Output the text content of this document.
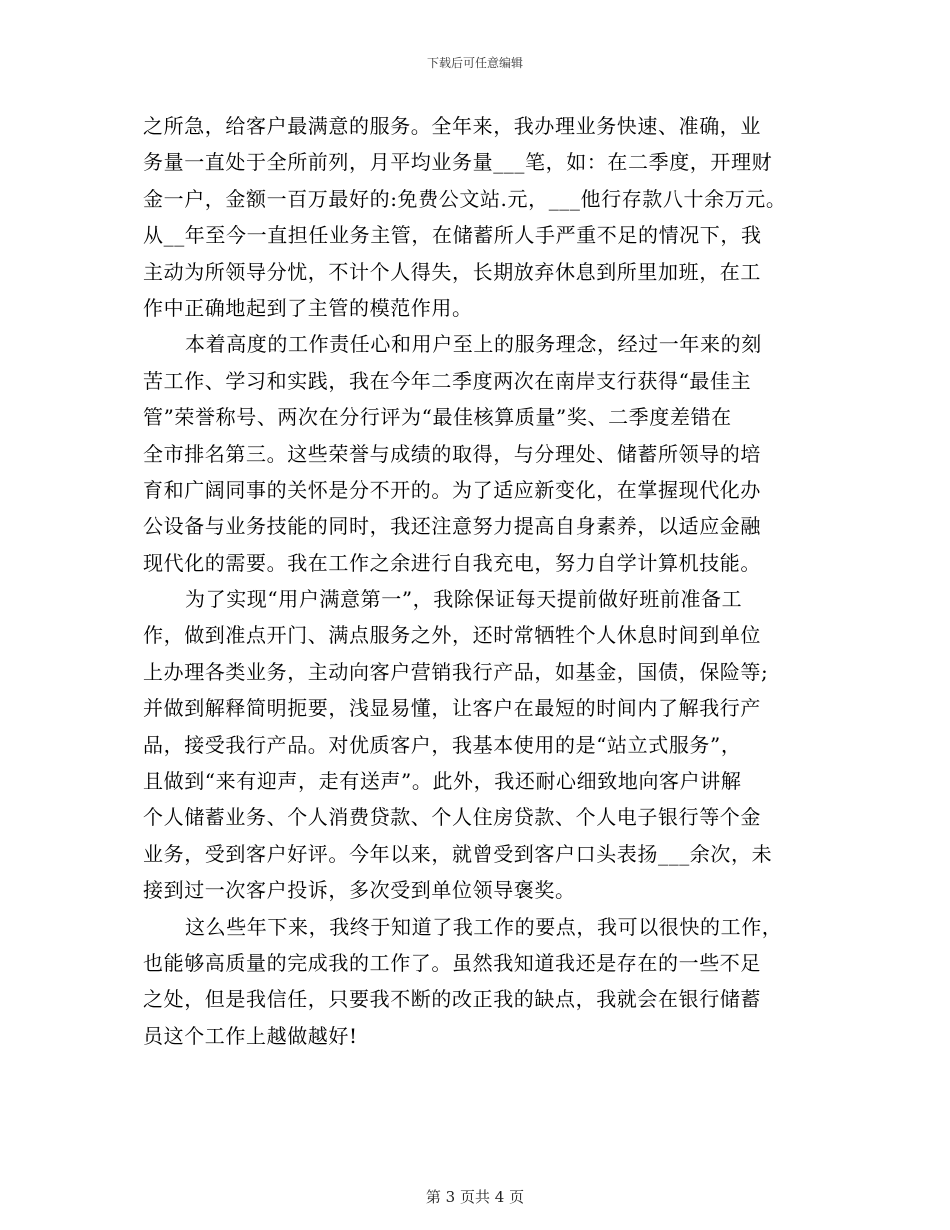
下载后可任意编辑
之所急，给客户最满意的服务。全年来，我办理业务快速、准确，业
务量一直处于全所前列，月平均业务量___笔，如：在二季度，开理财
金一户，金额一百万最好的:免费公文站.元，___他行存款八十余万元。
从__年至今一直担任业务主管，在储蓄所人手严重不足的情况下，我
主动为所领导分忧，不计个人得失，长期放弃休息到所里加班，在工
作中正确地起到了主管的模范作用。
本着高度的工作责任心和用户至上的服务理念，经过一年来的刻
苦工作、学习和实践，我在今年二季度两次在南岸支行获得“最佳主
管”荣誉称号、两次在分行评为“最佳核算质量”奖、二季度差错在
全市排名第三。这些荣誉与成绩的取得，与分理处、储蓄所领导的培
育和广阔同事的关怀是分不开的。为了适应新变化，在掌握现代化办
公设备与业务技能的同时，我还注意努力提高自身素养，以适应金融
现代化的需要。我在工作之余进行自我充电，努力自学计算机技能。
为了实现“用户满意第一”，我除保证每天提前做好班前准备工
作，做到准点开门、满点服务之外，还时常牺牲个人休息时间到单位
上办理各类业务，主动向客户营销我行产品，如基金，国债，保险等;
并做到解释简明扼要，浅显易懂，让客户在最短的时间内了解我行产
品，接受我行产品。对优质客户，我基本使用的是“站立式服务”，
且做到“来有迎声，走有送声”。此外，我还耐心细致地向客户讲解
个人储蓄业务、个人消费贷款、个人住房贷款、个人电子银行等个金
业务，受到客户好评。今年以来，就曾受到客户口头表扬___余次，未
接到过一次客户投诉，多次受到单位领导褒奖。
这么些年下来，我终于知道了我工作的要点，我可以很快的工作，
也能够高质量的完成我的工作了。虽然我知道我还是存在的一些不足
之处，但是我信任，只要我不断的改正我的缺点，我就会在银行储蓄
员这个工作上越做越好!
第 3 页共 4 页
